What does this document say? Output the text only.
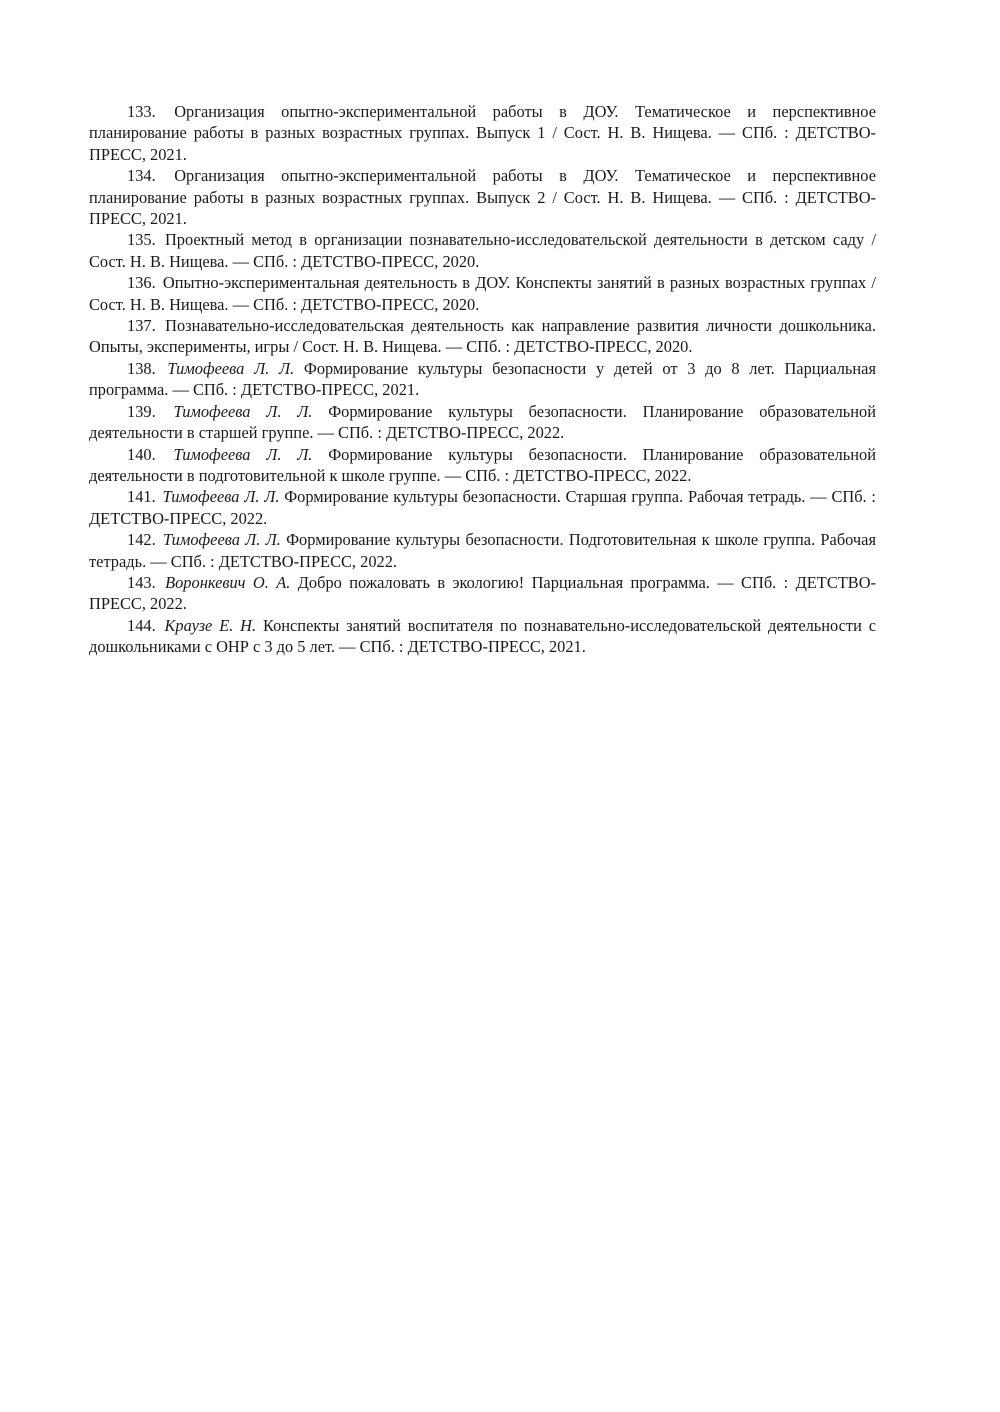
133. Организация опытно-экспериментальной работы в ДОУ. Тематическое и перспективное планирование работы в разных возрастных группах. Выпуск 1 / Сост. Н. В. Нищева. — СПб. : ДЕТСТВО-ПРЕСС, 2021.

134. Организация опытно-экспериментальной работы в ДОУ. Тематическое и перспективное планирование работы в разных возрастных группах. Выпуск 2 / Сост. Н. В. Нищева. — СПб. : ДЕТСТВО-ПРЕСС, 2021.

135. Проектный метод в организации познавательно-исследовательской деятельности в детском саду / Сост. Н. В. Нищева. — СПб. : ДЕТСТВО-ПРЕСС, 2020.

136. Опытно-экспериментальная деятельность в ДОУ. Конспекты занятий в разных возрастных группах / Сост. Н. В. Нищева. — СПб. : ДЕТСТВО-ПРЕСС, 2020.

137. Познавательно-исследовательская деятельность как направление развития личности дошкольника. Опыты, эксперименты, игры / Сост. Н. В. Нищева. — СПб. : ДЕТСТВО-ПРЕСС, 2020.

138. Тимофеева Л. Л. Формирование культуры безопасности у детей от 3 до 8 лет. Парциальная программа. — СПб. : ДЕТСТВО-ПРЕСС, 2021.

139. Тимофеева Л. Л. Формирование культуры безопасности. Планирование образовательной деятельности в старшей группе. — СПб. : ДЕТСТВО-ПРЕСС, 2022.

140. Тимофеева Л. Л. Формирование культуры безопасности. Планирование образовательной деятельности в подготовительной к школе группе. — СПб. : ДЕТСТВО-ПРЕСС, 2022.

141. Тимофеева Л. Л. Формирование культуры безопасности. Старшая группа. Рабочая тетрадь. — СПб. : ДЕТСТВО-ПРЕСС, 2022.

142. Тимофеева Л. Л. Формирование культуры безопасности. Подготовительная к школе группа. Рабочая тетрадь. — СПб. : ДЕТСТВО-ПРЕСС, 2022.

143. Воронкевич О. А. Добро пожаловать в экологию! Парциальная программа. — СПб. : ДЕТСТВО-ПРЕСС, 2022.

144. Краузе Е. Н. Конспекты занятий воспитателя по познавательно-исследовательской деятельности с дошкольниками с ОНР с 3 до 5 лет. — СПб. : ДЕТСТВО-ПРЕСС, 2021.
